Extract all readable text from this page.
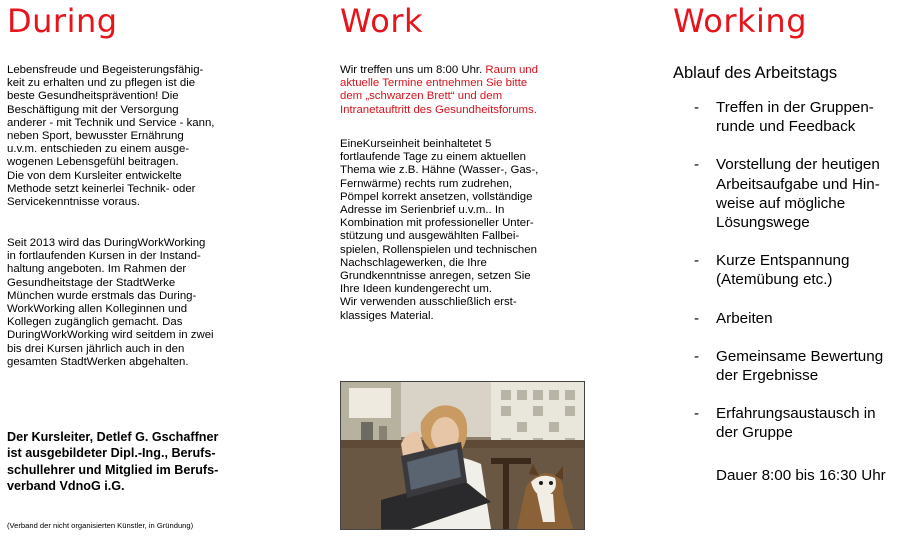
During
Lebensfreude und Begeisterungsfähig-
keit zu erhalten und zu pflegen ist die
beste Gesundheitsprävention! Die
Beschäftigung mit der Versorgung
anderer - mit Technik und Service - kann,
neben Sport, bewusster Ernährung
u.v.m. entschieden zu einem ausge-
wogenen Lebensgefühl beitragen.
Die von dem Kursleiter entwickelte
Methode setzt keinerlei Technik- oder
Servicekenntnisse voraus.
Seit 2013 wird das DuringWorkWorking
in fortlaufenden Kursen in der Instand-
haltung angeboten. Im Rahmen der
Gesundheitstage der StadtWerke
München wurde erstmals das During-
WorkWorking allen Kolleginnen und
Kollegen zugänglich gemacht. Das
DuringWorkWorking wird seitdem in zwei
bis drei Kursen jährlich auch in den
gesamten StadtWerken abgehalten.
Der Kursleiter, Detlef G. Gschaffner
ist ausgebildeter Dipl.-Ing., Berufs-
schullehrer und Mitglied im Berufs-
verband VdnoG i.G.
(Verband der nicht organisierten Künstler, in Gründung)
Work
Wir treffen uns um 8:00 Uhr. Raum und
aktuelle Termine entnehmen Sie bitte
dem „schwarzen Brett“ und dem
Intranetauftritt des Gesundheitsforums.
EineKurseinheit beinhaltetet 5
fortlaufende Tage zu einem aktuellen
Thema wie z.B. Hähne (Wasser-, Gas-,
Fernwärme) rechts rum zudrehen,
Pömpel korrekt ansetzen, vollständige
Adresse im Serienbrief u.v.m.. In
Kombination mit professioneller Unter-
stützung und ausgewählten Fallbei-
spielen, Rollenspielen und technischen
Nachschlagewerken, die Ihre
Grundkenntnisse anregen, setzen Sie
Ihre Ideen kundengerecht um.
Wir verwenden ausschließlich erst-
klassiges Material.
Working
Ablauf des Arbeitstags
- Treffen in der Gruppen-
runde und Feedback
- Vorstellung der heutigen
Arbeitsaufgabe und Hin-
weise auf mögliche
Lösungswege
- Kurze Entspannung
(Atemübung etc.)
- Arbeiten
- Gemeinsame Bewertung
der Ergebnisse
- Erfahrungsaustausch in
der Gruppe
Dauer 8:00 bis 16:30 Uhr
